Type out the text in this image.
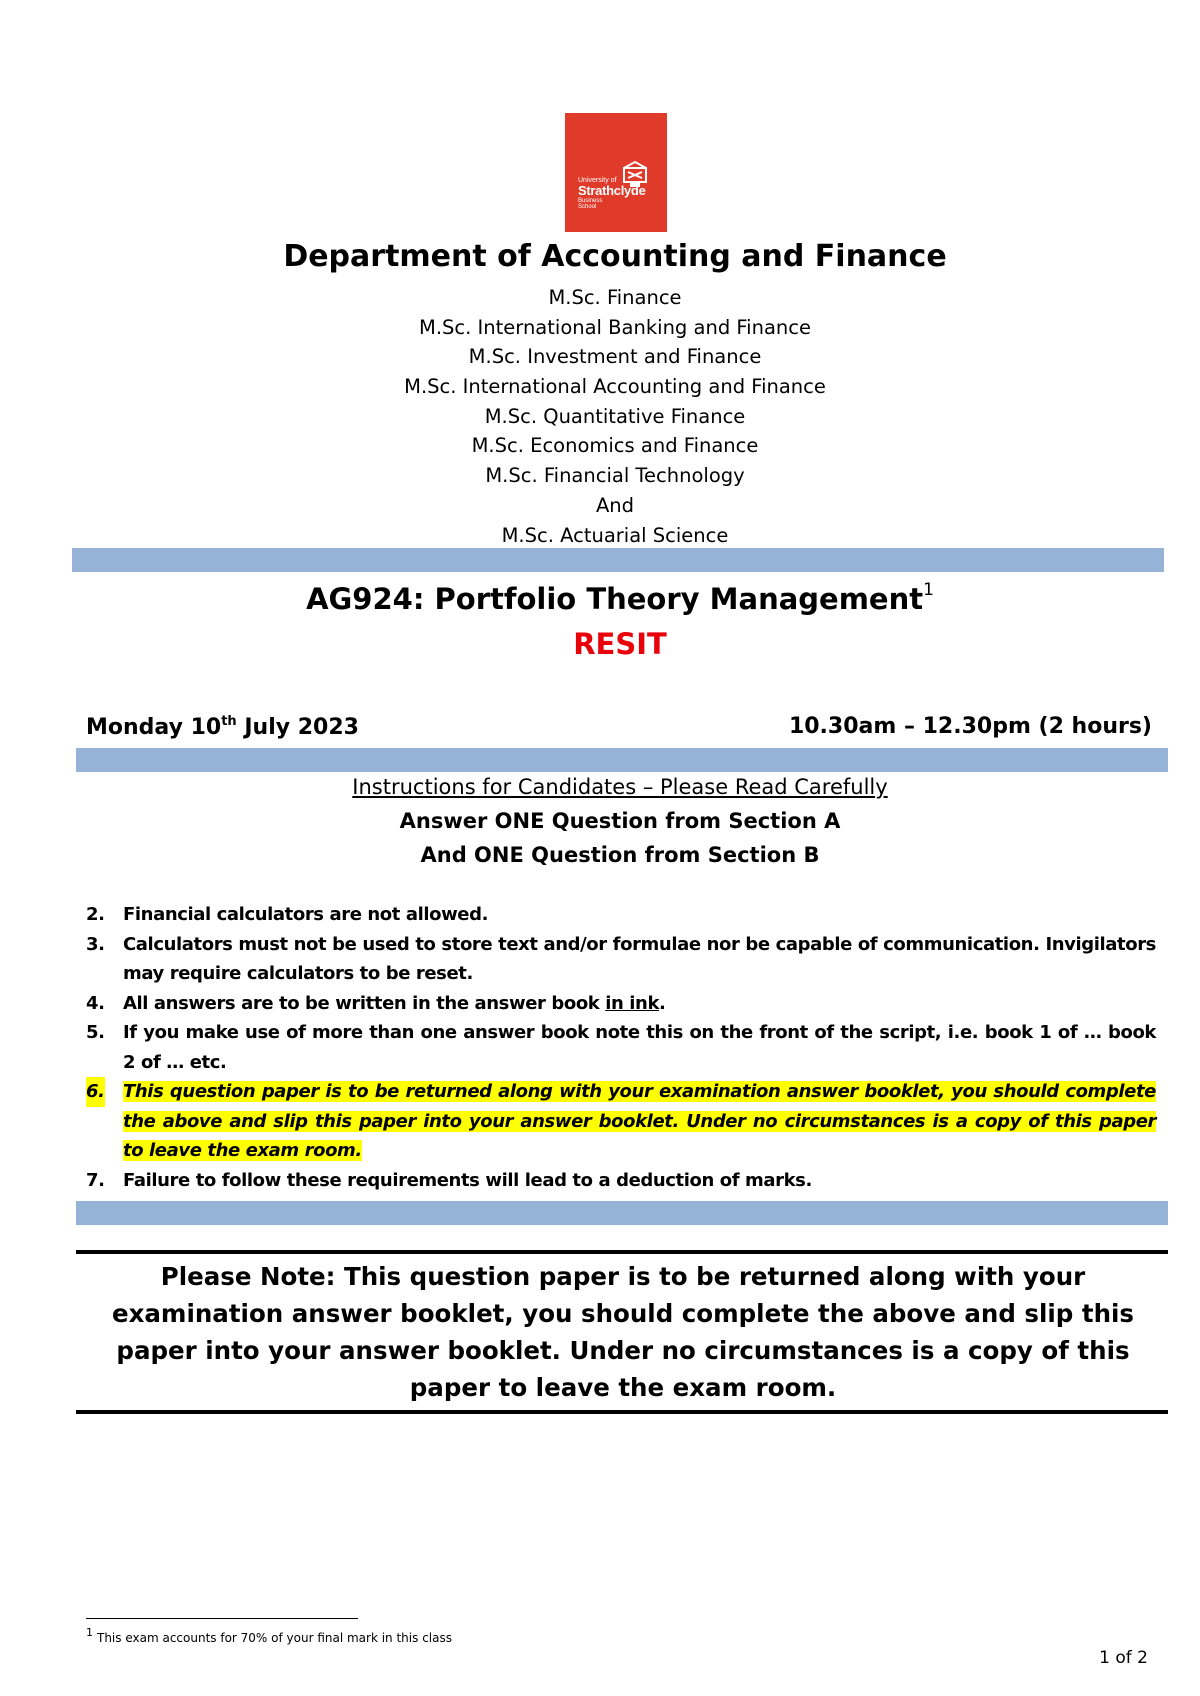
University of
Strathclyde
Business
School
Department of Accounting and Finance
M.Sc. Finance
M.Sc. International Banking and Finance
M.Sc. Investment and Finance
M.Sc. International Accounting and Finance
M.Sc. Quantitative Finance
M.Sc. Economics and Finance
M.Sc. Financial Technology
And
M.Sc. Actuarial Science
AG924: Portfolio Theory Management$^1$
RESIT
Monday 10th July 2023	10.30am – 12.30pm (2 hours)
Instructions for Candidates – Please Read Carefully
Answer ONE Question from Section A
And ONE Question from Section B
2. Financial calculators are not allowed.
3. Calculators must not be used to store text and/or formulae nor be capable of communication. Invigilators may require calculators to be reset.
4. All answers are to be written in the answer book in ink.
5. If you make use of more than one answer book note this on the front of the script, i.e. book 1 of … book 2 of … etc.
6. This question paper is to be returned along with your examination answer booklet, you should complete the above and slip this paper into your answer booklet. Under no circumstances is a copy of this paper to leave the exam room.
7. Failure to follow these requirements will lead to a deduction of marks.
Please Note: This question paper is to be returned along with your examination answer booklet, you should complete the above and slip this paper into your answer booklet. Under no circumstances is a copy of this paper to leave the exam room.
$^1$ This exam accounts for 70% of your final mark in this class
1 of 2
